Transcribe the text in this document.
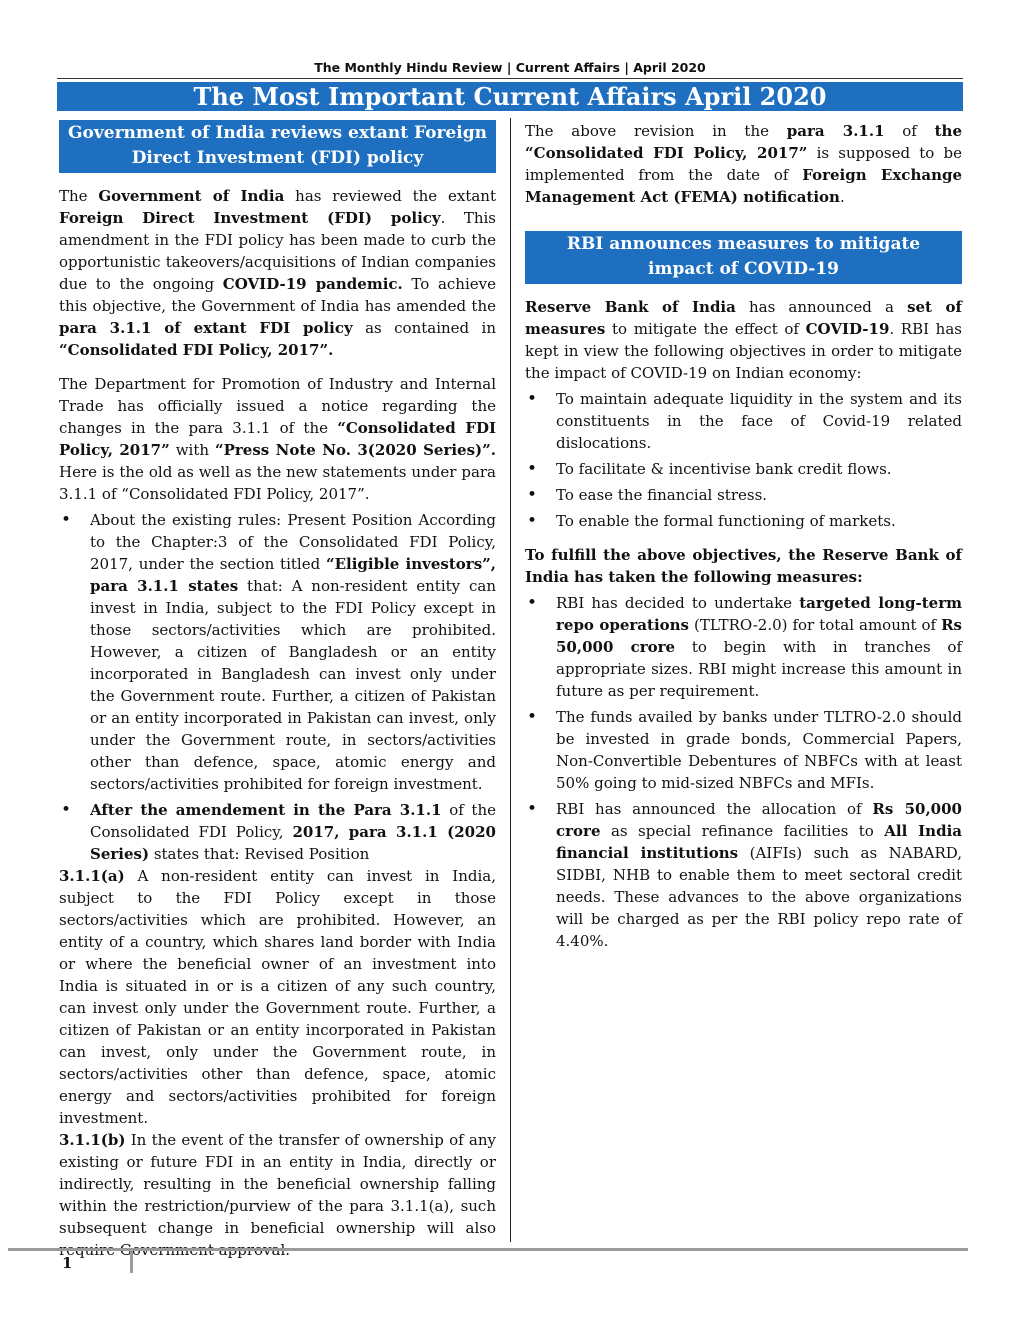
The Monthly Hindu Review | Current Affairs | April 2020
The Most Important Current Affairs April 2020
Government of India reviews extant Foreign Direct Investment (FDI) policy

The Government of India has reviewed the extant Foreign Direct Investment (FDI) policy. This amendment in the FDI policy has been made to curb the opportunistic takeovers/acquisitions of Indian companies due to the ongoing COVID-19 pandemic. To achieve this objective, the Government of India has amended the para 3.1.1 of extant FDI policy as contained in “Consolidated FDI Policy, 2017”.

The Department for Promotion of Industry and Internal Trade has officially issued a notice regarding the changes in the para 3.1.1 of the “Consolidated FDI Policy, 2017” with “Press Note No. 3(2020 Series)”. Here is the old as well as the new statements under para 3.1.1 of “Consolidated FDI Policy, 2017”.

• About the existing rules: Present Position According to the Chapter:3 of the Consolidated FDI Policy, 2017, under the section titled “Eligible investors”, para 3.1.1 states that: A non-resident entity can invest in India, subject to the FDI Policy except in those sectors/activities which are prohibited. However, a citizen of Bangladesh or an entity incorporated in Bangladesh can invest only under the Government route. Further, a citizen of Pakistan or an entity incorporated in Pakistan can invest, only under the Government route, in sectors/activities other than defence, space, atomic energy and sectors/activities prohibited for foreign investment.
• After the amendement in the Para 3.1.1 of the Consolidated FDI Policy, 2017, para 3.1.1 (2020 Series) states that: Revised Position

3.1.1(a) A non-resident entity can invest in India, subject to the FDI Policy except in those sectors/activities which are prohibited. However, an entity of a country, which shares land border with India or where the beneficial owner of an investment into India is situated in or is a citizen of any such country, can invest only under the Government route. Further, a citizen of Pakistan or an entity incorporated in Pakistan can invest, only under the Government route, in sectors/activities other than defence, space, atomic energy and sectors/activities prohibited for foreign investment.

3.1.1(b) In the event of the transfer of ownership of any existing or future FDI in an entity in India, directly or indirectly, resulting in the beneficial ownership falling within the restriction/purview of the para 3.1.1(a), such subsequent change in beneficial ownership will also

The above revision in the para 3.1.1 of the “Consolidated FDI Policy, 2017” is supposed to be implemented from the date of Foreign Exchange Management Act (FEMA) notification.

RBI announces measures to mitigate impact of COVID-19

Reserve Bank of India has announced a set of measures to mitigate the effect of COVID-19. RBI has kept in view the following objectives in order to mitigate the impact of COVID-19 on Indian economy:

• To maintain adequate liquidity in the system and its constituents in the face of Covid-19 related dislocations.
• To facilitate & incentivise bank credit flows.
• To ease the financial stress.
• To enable the formal functioning of markets.

To fulfill the above objectives, the Reserve Bank of India has taken the following measures:

• RBI has decided to undertake targeted long-term repo operations (TLTRO-2.0) for total amount of Rs 50,000 crore to begin with in tranches of appropriate sizes. RBI might increase this amount in future as per requirement.
• The funds availed by banks under TLTRO-2.0 should be invested in grade bonds, Commercial Papers, Non-Convertible Debentures of NBFCs with at least 50% going to mid-sized NBFCs and MFIs.
• RBI has announced the allocation of Rs 50,000 crore as special refinance facilities to All India financial institutions (AIFIs) such as NABARD, SIDBI, NHB to enable them to meet sectoral credit needs. These advances to the above organizations will be charged as per the RBI policy repo rate of 4.40%.
1
